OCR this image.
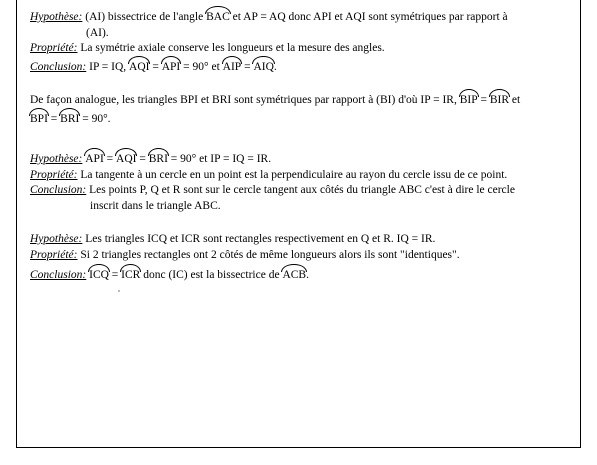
Hypothèse: (AI) bissectrice de l'angle BAC et AP = AQ donc API et AQI sont symétriques par rapport à
(AI).
Propriété: La symétrie axiale conserve les longueurs et la mesure des angles.
Conclusion: IP = IQ, AQI = API = 90° et AIP = AIQ.
De façon analogue, les triangles BPI et BRI sont symétriques par rapport à (BI) d'où IP = IR, BIP = BIR et
BPI = BRI = 90°.
Hypothèse: API = AQI = BRI = 90° et IP = IQ = IR.
Propriété: La tangente à un cercle en un point est la perpendiculaire au rayon du cercle issu de ce point.
Conclusion: Les points P, Q et R sont sur le cercle tangent aux côtés du triangle ABC c'est à dire le cercle
inscrit dans le triangle ABC.
Hypothèse: Les triangles ICQ et ICR sont rectangles respectivement en Q et R. IQ = IR.
Propriété: Si 2 triangles rectangles ont 2 côtés de même longueurs alors ils sont "identiques".
Conclusion: ICQ = ICR donc (IC) est la bissectrice de ACB.
